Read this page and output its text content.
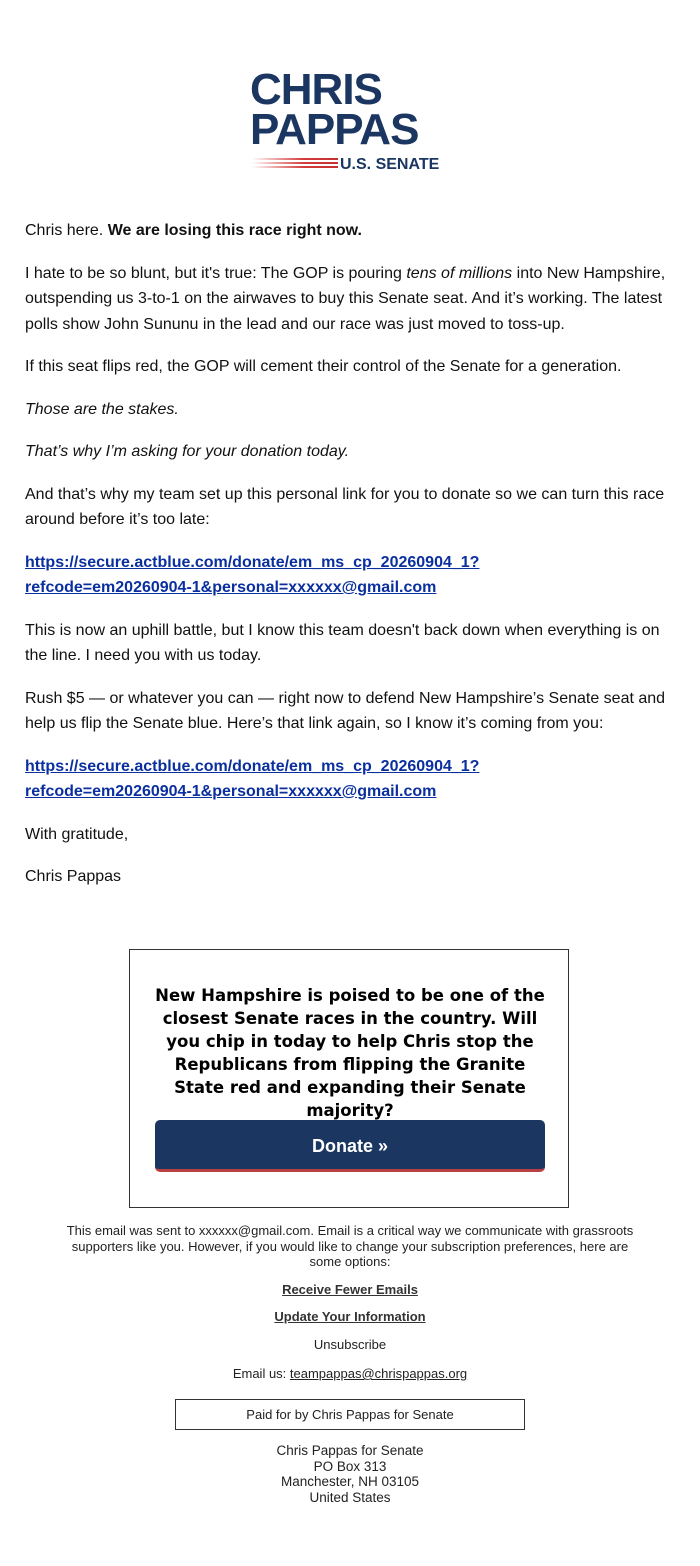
CHRIS
PAPPAS
U.S. SENATE

Chris here. We are losing this race right now.

I hate to be so blunt, but it's true: The GOP is pouring tens of millions into New Hampshire, outspending us 3-to-1 on the airwaves to buy this Senate seat. And it’s working. The latest polls show John Sununu in the lead and our race was just moved to toss-up.

If this seat flips red, the GOP will cement their control of the Senate for a generation.

Those are the stakes.

That’s why I’m asking for your donation today.

And that’s why my team set up this personal link for you to donate so we can turn this race around before it’s too late:

https://secure.actblue.com/donate/em_ms_cp_20260904_1?
refcode=em20260904-1&personal=xxxxxx@gmail.com

This is now an uphill battle, but I know this team doesn't back down when everything is on the line. I need you with us today.

Rush $5 — or whatever you can — right now to defend New Hampshire’s Senate seat and help us flip the Senate blue. Here’s that link again, so I know it’s coming from you:

https://secure.actblue.com/donate/em_ms_cp_20260904_1?
refcode=em20260904-1&personal=xxxxxx@gmail.com

With gratitude,

Chris Pappas

New Hampshire is poised to be one of the closest Senate races in the country. Will you chip in today to help Chris stop the Republicans from flipping the Granite State red and expanding their Senate majority?
Donate »

This email was sent to xxxxxx@gmail.com. Email is a critical way we communicate with grassroots supporters like you. However, if you would like to change your subscription preferences, here are some options:

Receive Fewer Emails
Update Your Information
Unsubscribe
Email us: teampappas@chrispappas.org
Paid for by Chris Pappas for Senate
Chris Pappas for Senate
PO Box 313
Manchester, NH 03105
United States
